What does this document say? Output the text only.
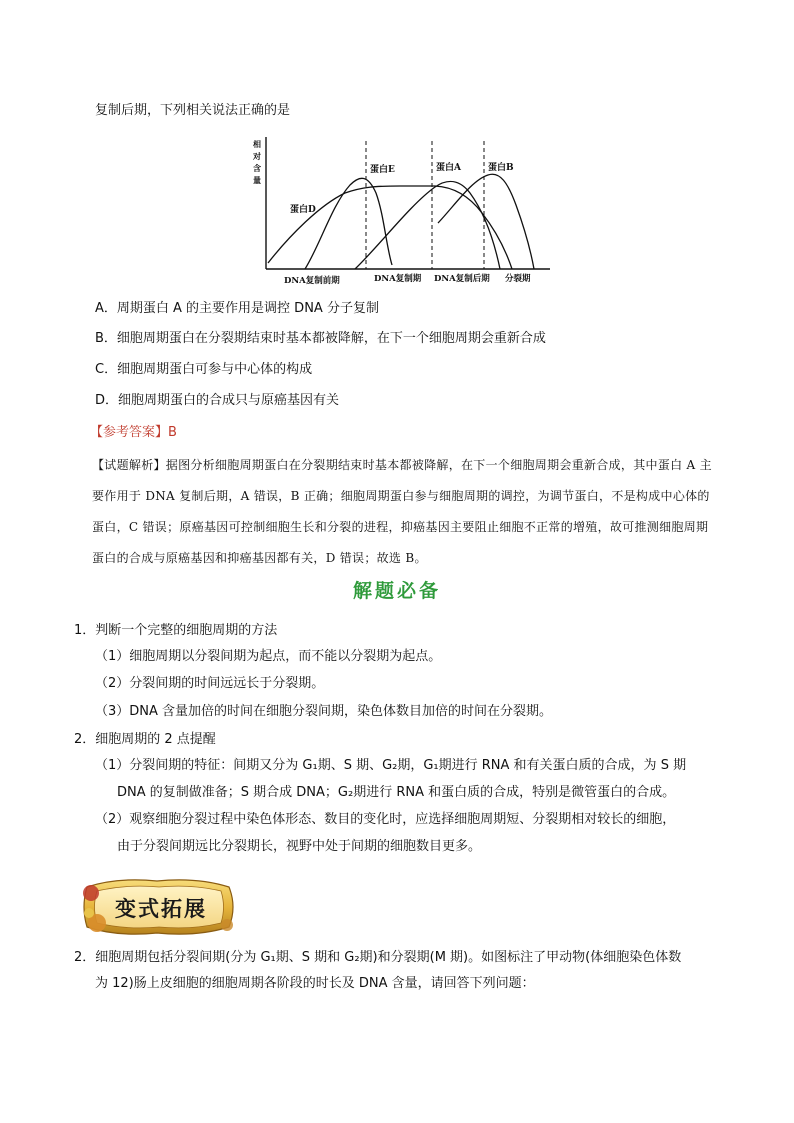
复制后期，下列相关说法正确的是
相
对
含
量
蛋白D
蛋白E	蛋白A	蛋白B
DNA复制前期	DNA复制期 DNA复制后期 分裂期
A．周期蛋白 A 的主要作用是调控 DNA 分子复制
B．细胞周期蛋白在分裂期结束时基本都被降解，在下一个细胞周期会重新合成
C．细胞周期蛋白可参与中心体的构成
D．细胞周期蛋白的合成只与原癌基因有关
【参考答案】B
【试题解析】据图分析细胞周期蛋白在分裂期结束时基本都被降解，在下一个细胞周期会重新合成，其中蛋白 A 主要作用于 DNA 复制后期，A 错误，B 正确；细胞周期蛋白参与细胞周期的调控，为调节蛋白，不是构成中心体的蛋白，C 错误；原癌基因可控制细胞生长和分裂的进程，抑癌基因主要阻止细胞不正常的增殖，故可推测细胞周期蛋白的合成与原癌基因和抑癌基因都有关，D 错误；故选 B。
解题必备
1．判断一个完整的细胞周期的方法
（1）细胞周期以分裂间期为起点，而不能以分裂期为起点。
（2）分裂间期的时间远远长于分裂期。
（3）DNA 含量加倍的时间在细胞分裂间期，染色体数目加倍的时间在分裂期。
2．细胞周期的 2 点提醒
（1）分裂间期的特征：间期又分为 G₁期、S 期、G₂期，G₁期进行 RNA 和有关蛋白质的合成，为 S 期
DNA 的复制做准备；S 期合成 DNA；G₂期进行 RNA 和蛋白质的合成，特别是微管蛋白的合成。
（2）观察细胞分裂过程中染色体形态、数目的变化时，应选择细胞周期短、分裂期相对较长的细胞，
由于分裂间期远比分裂期长，视野中处于间期的细胞数目更多。
变式拓展
2．细胞周期包括分裂间期(分为 G₁期、S 期和 G₂期)和分裂期(M 期)。如图标注了甲动物(体细胞染色体数
为 12)肠上皮细胞的细胞周期各阶段的时长及 DNA 含量，请回答下列问题：
